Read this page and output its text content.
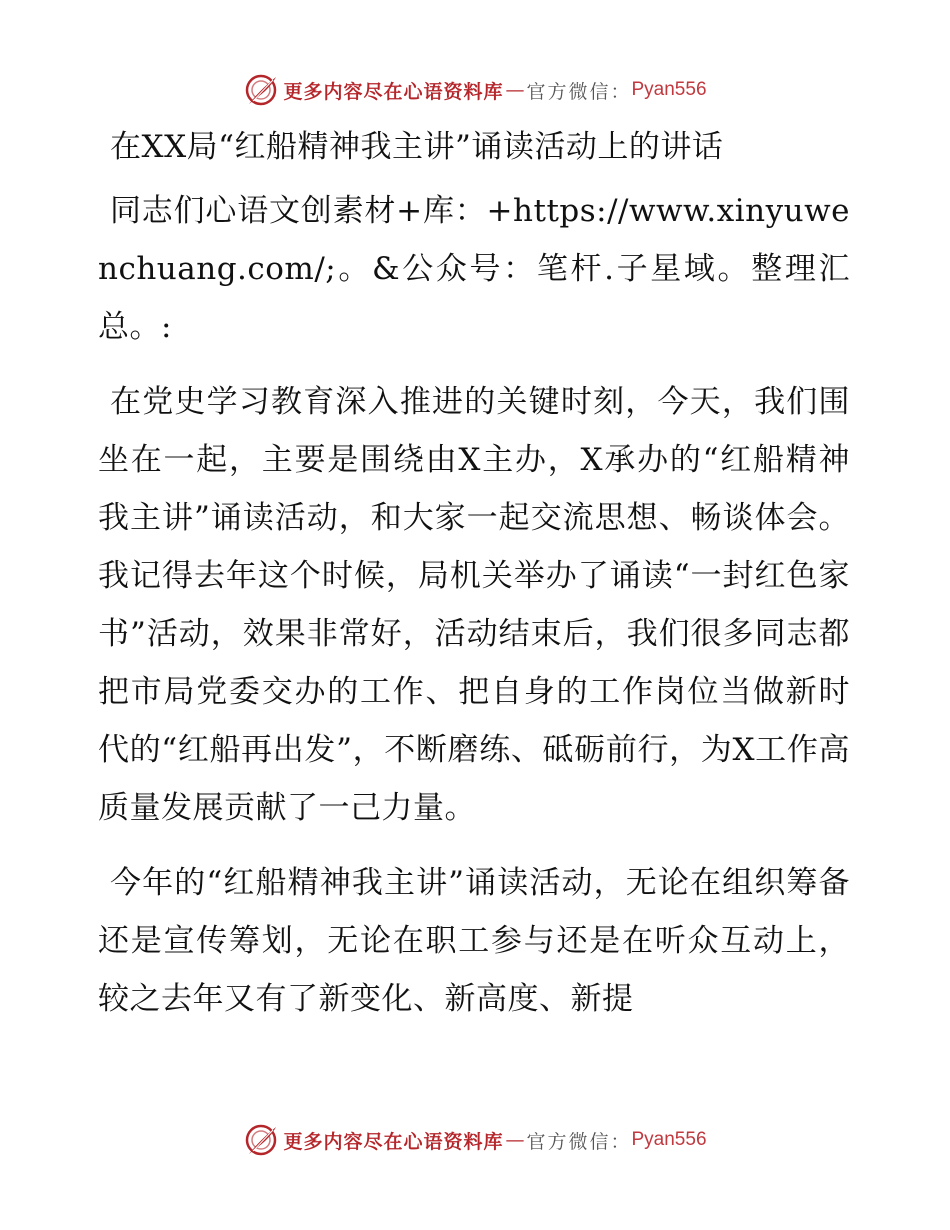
更多内容尽在心语资料库 — 官方微信： Pyan556
在XX局“红船精神我主讲”诵读活动上的讲话

同志们心语文创素材+库：+https://www.xinyuwenchuang.com/;。&公众号：笔杆.子星域。整理汇总。:

在党史学习教育深入推进的关键时刻，今天，我们围坐在一起，主要是围绕由X主办，X承办的“红船精神我主讲”诵读活动，和大家一起交流思想、畅谈体会。我记得去年这个时候，局机关举办了诵读“一封红色家书”活动，效果非常好，活动结束后，我们很多同志都把市局党委交办的工作、把自身的工作岗位当做新时代的“红船再出发”，不断磨练、砥砺前行，为X工作高质量发展贡献了一己力量。

今年的“红船精神我主讲”诵读活动，无论在组织筹备还是宣传筹划，无论在职工参与还是在听众互动上，较之去年又有了新变化、新高度、新提

更多内容尽在心语资料库 — 官方微信： Pyan556
